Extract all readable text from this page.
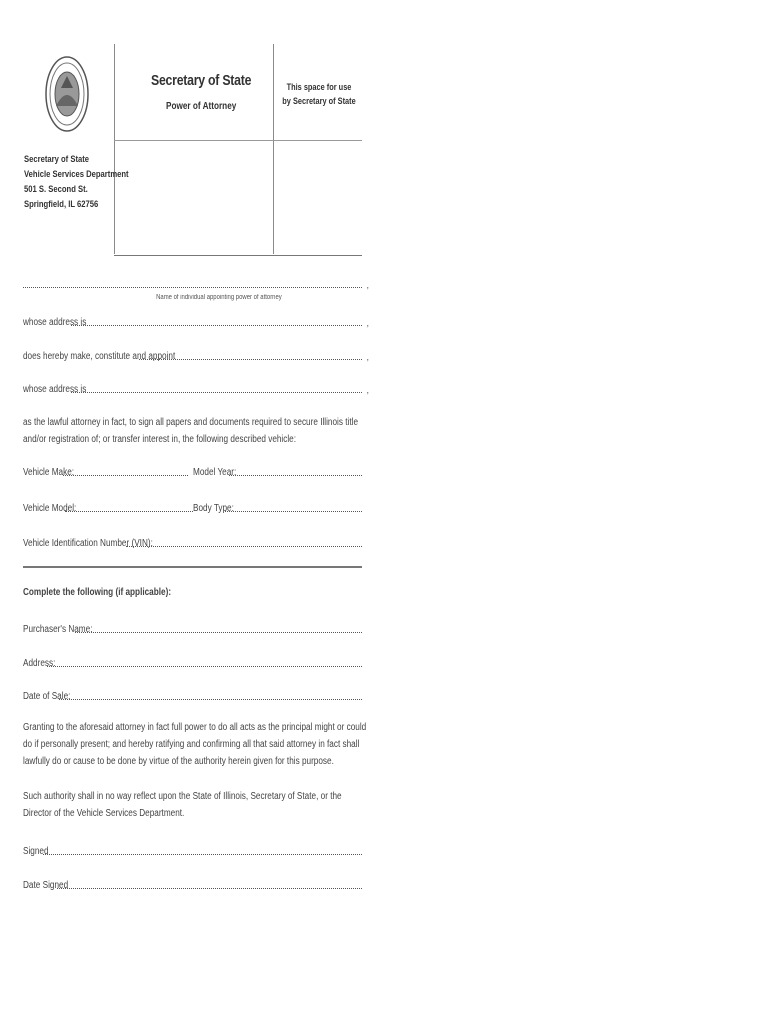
Secretary of State
Power of Attorney
This space for use by Secretary of State
Secretary of State
Vehicle Services Department
501 S. Second St.
Springfield, IL 62756
,
Name of individual appointing power of attorney
whose address is	,
does hereby make, constitute and appoint	,
whose address is	,
as the lawful attorney in fact, to sign all papers and documents required to secure Illinois title and/or registration of; or transfer interest in, the following described vehicle:
Vehicle Make:	Model Year:
Vehicle Model:	Body Type:
Vehicle Identification Number (VIN):
Complete the following (if applicable):
Purchaser's Name:
Address:
Date of Sale:
Granting to the aforesaid attorney in fact full power to do all acts as the principal might or could do if personally present; and hereby ratifying and confirming all that said attorney in fact shall lawfully do or cause to be done by virtue of the authority herein given for this purpose.
Such authority shall in no way reflect upon the State of Illinois, Secretary of State, or the Director of the Vehicle Services Department.
Signed
Date Signed
